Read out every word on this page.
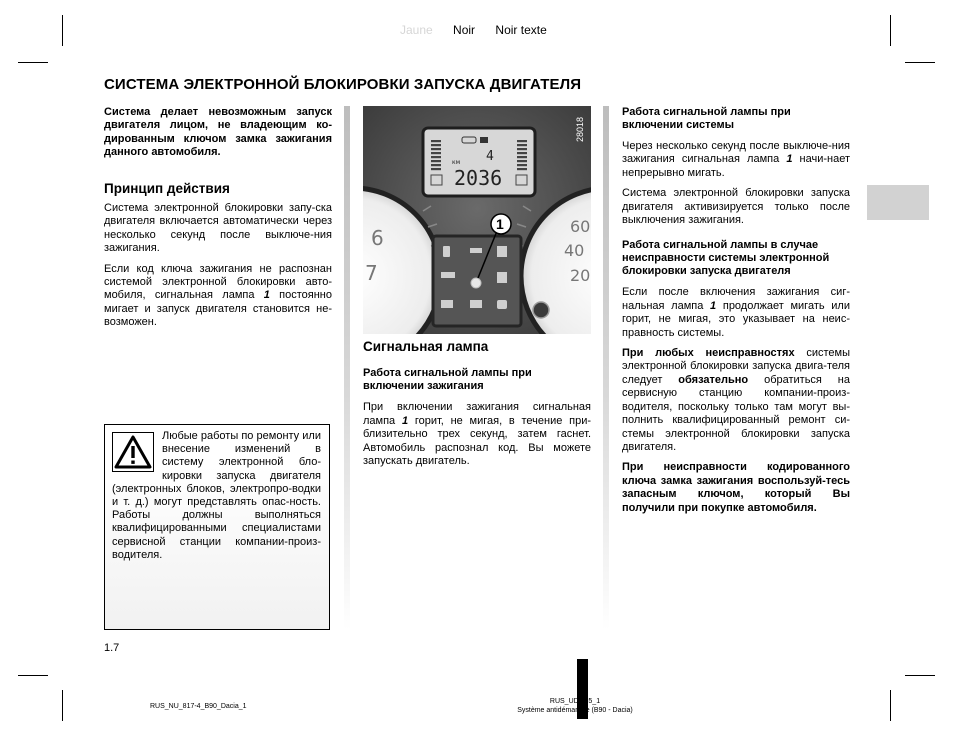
Jaune Noir Noir texte
СИСТЕМА ЭЛЕКТРОННОЙ БЛОКИРОВКИ ЗАПУСКА ДВИГАТЕЛЯ

Система делает невозможным запуск двигателя лицом, не владеющим ко-дированным ключом замка зажигания данного автомобиля.

Принцип действия

Система электронной блокировки запу-ска двигателя включается автоматически через несколько секунд после выключе-ния зажигания.

Если код ключа зажигания не распознан системой электронной блокировки авто-мобиля, сигнальная лампа 1 постоянно мигает и запуск двигателя становится не-возможен.

Любые работы по ремонту или внесение изменений в систему электронной бло-кировки запуска двигателя (электронных блоков, электропро-водки и т. д.) могут представлять опас-ность. Работы должны выполняться квалифицированными специалистами сервисной станции компании-произ-водителя.
6
7
60
40
20
4
км
2036
28018
1
Сигнальная лампа
Работа сигнальной лампы при включении зажигания

При включении зажигания сигнальная лампа 1 горит, не мигая, в течение при-близительно трех секунд, затем гаснет. Автомобиль распознал код. Вы можете запускать двигатель.

Работа сигнальной лампы при включении системы

Через несколько секунд после выключе-ния зажигания сигнальная лампа 1 начи-нает непрерывно мигать.

Система электронной блокировки запуска двигателя активизируется только после выключения зажигания.

Работа сигнальной лампы в случае неисправности системы электронной блокировки запуска двигателя

Если после включения зажигания сиг-нальная лампа 1 продолжает мигать или горит, не мигая, это указывает на неис-правность системы.

При любых неисправностях системы электронной блокировки запуска двига-теля следует обязательно обратиться на сервисную станцию компании-произ-водителя, поскольку только там могут вы-полнить квалифицированный ремонт си-стемы электронной блокировки запуска двигателя.

При неисправности кодированного ключа замка зажигания воспользуй-тесь запасным ключом, который Вы получили при покупке автомобиля.

1.7
RUS_NU_817-4_B90_Dacia_1
RUS_UD_ 35_1
Système antidémarra e (B90 - Dacia)
